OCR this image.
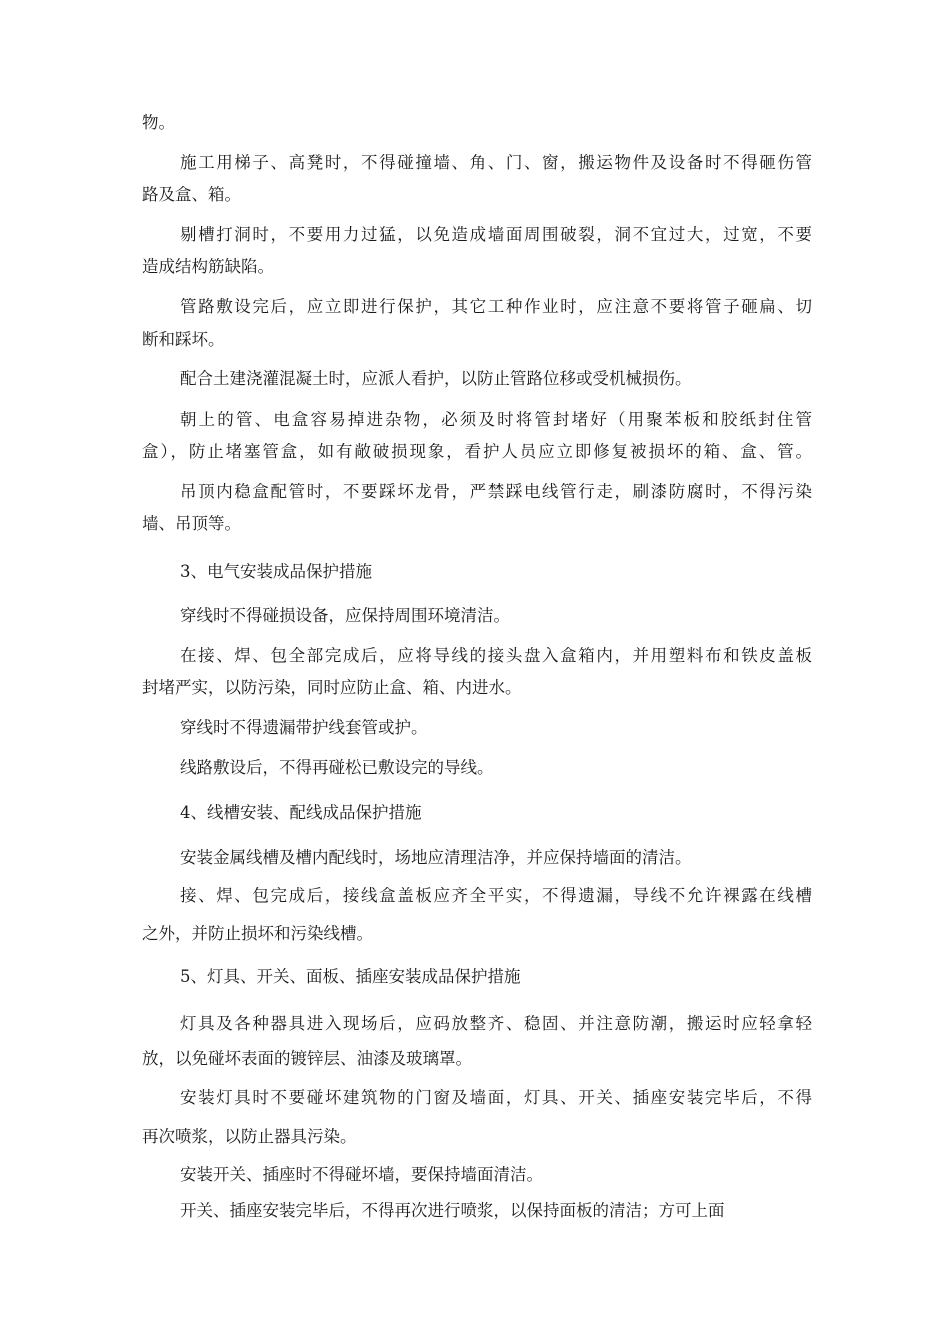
物。

施工用梯子、高凳时，不得碰撞墙、角、门、窗，搬运物件及设备时不得砸伤管

路及盒、箱。

剔槽打洞时，不要用力过猛，以免造成墙面周围破裂，洞不宜过大，过宽，不要

造成结构筋缺陷。

管路敷设完后，应立即进行保护，其它工种作业时，应注意不要将管子砸扁、切

断和踩坏。

配合土建浇灌混凝土时，应派人看护，以防止管路位移或受机械损伤。

朝上的管、电盒容易掉进杂物，必须及时将管封堵好（用聚苯板和胶纸封住管

盒），防止堵塞管盒，如有敞破损现象，看护人员应立即修复被损坏的箱、盒、管。

吊顶内稳盒配管时，不要踩坏龙骨，严禁踩电线管行走，刷漆防腐时，不得污染

墙、吊顶等。

3、电气安装成品保护措施

穿线时不得碰损设备，应保持周围环境清洁。

在接、焊、包全部完成后，应将导线的接头盘入盒箱内，并用塑料布和铁皮盖板

封堵严实，以防污染，同时应防止盒、箱、内进水。

穿线时不得遗漏带护线套管或护。

线路敷设后，不得再碰松已敷设完的导线。

4、线槽安装、配线成品保护措施

安装金属线槽及槽内配线时，场地应清理洁净，并应保持墙面的清洁。

接、焊、包完成后，接线盒盖板应齐全平实，不得遗漏，导线不允许裸露在线槽

之外，并防止损坏和污染线槽。

5、灯具、开关、面板、插座安装成品保护措施

灯具及各种器具进入现场后，应码放整齐、稳固、并注意防潮，搬运时应轻拿轻

放，以免碰坏表面的镀锌层、油漆及玻璃罩。

安装灯具时不要碰坏建筑物的门窗及墙面，灯具、开关、插座安装完毕后，不得

再次喷浆，以防止器具污染。

安装开关、插座时不得碰坏墙，要保持墙面清洁。

开关、插座安装完毕后，不得再次进行喷浆，以保持面板的清洁；方可上面
